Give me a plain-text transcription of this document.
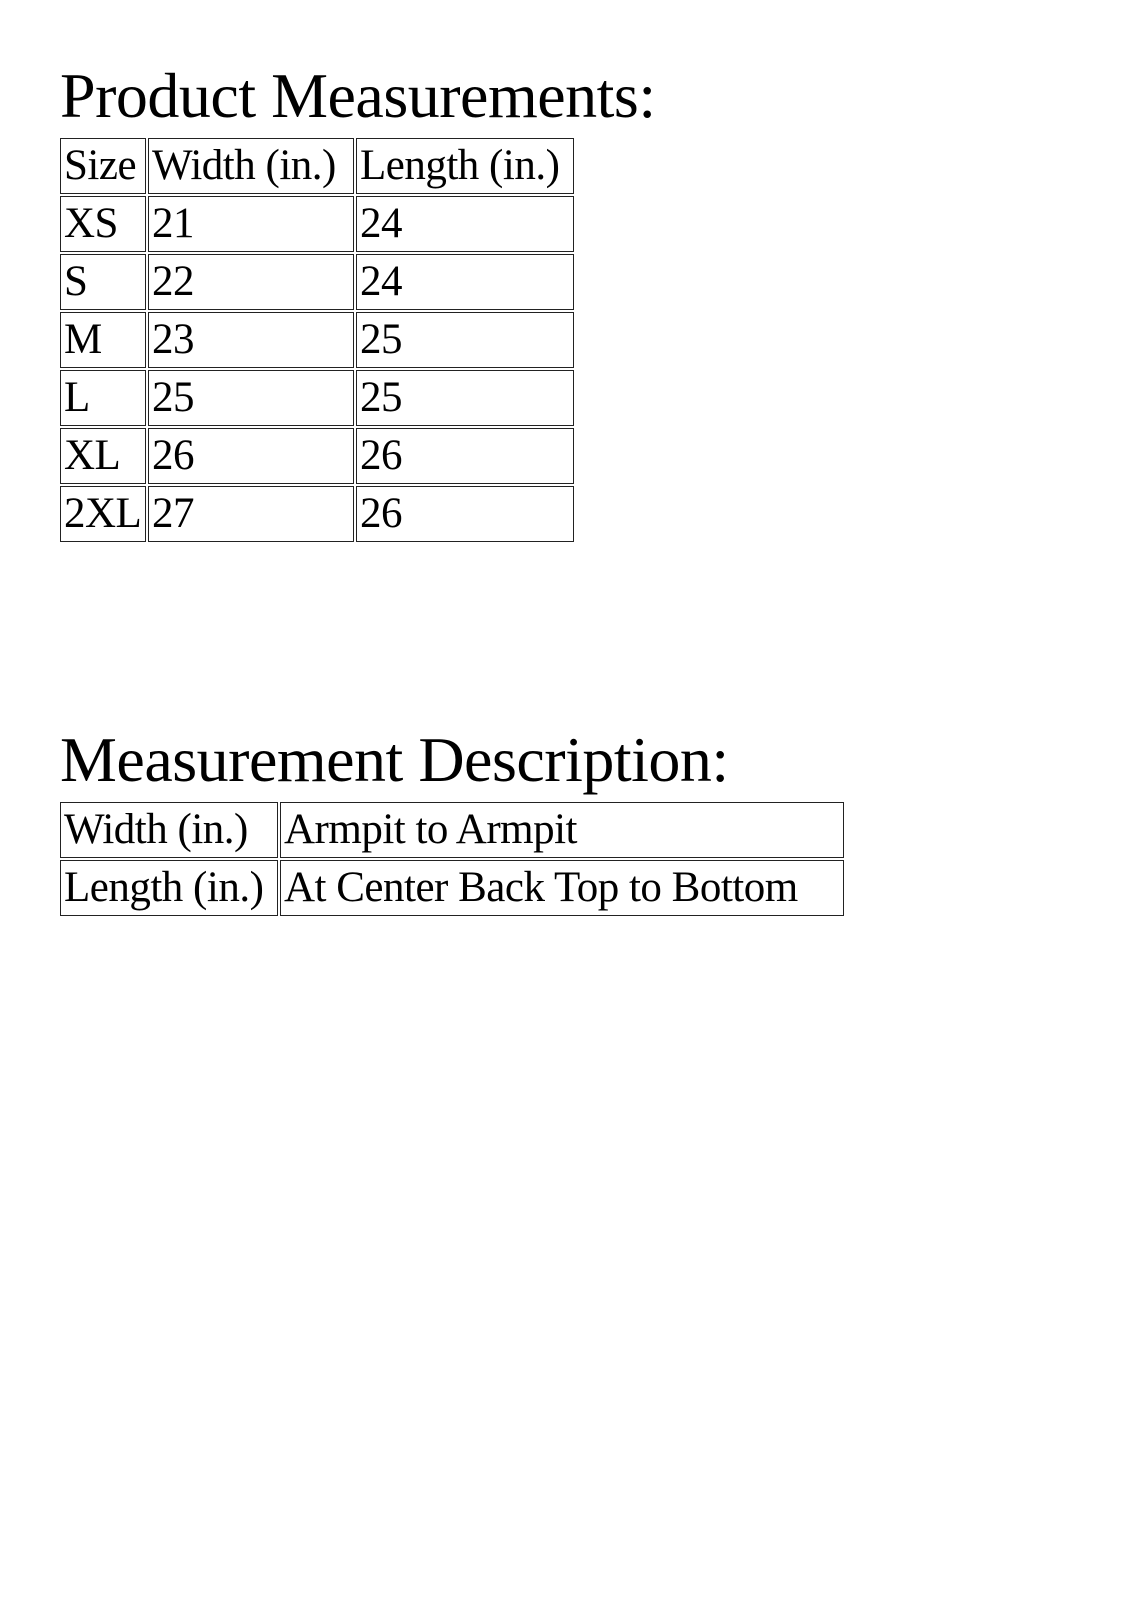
Product Measurements:
Size	Width (in.)	Length (in.)
XS	21	24
S	22	24
M	23	25
L	25	25
XL	26	26
2XL	27	26
Measurement Description:
Width (in.)	Armpit to Armpit
Length (in.)	At Center Back Top to Bottom
